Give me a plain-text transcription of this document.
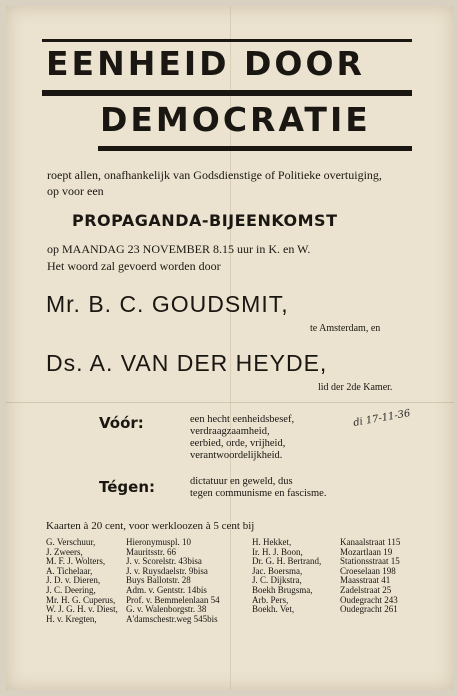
EENHEID DOOR
DEMOCRATIE
roept allen, onafhankelijk van Godsdienstige of Politieke overtuiging,
op voor een
PROPAGANDA-BIJEENKOMST
op MAANDAG 23 NOVEMBER 8.15 uur in K. en W.
Het woord zal gevoerd worden door
Mr. B. C. GOUDSMIT,
te Amsterdam, en
Ds. A. VAN DER HEYDE,
lid der 2de Kamer.
Vóór:	een hecht eenheidsbesef,
verdraagzaamheid,
eerbied, orde, vrijheid,
verantwoordelijkheid.
di 17-11-36
Tégen:	dictatuur en geweld, dus
tegen communisme en fascisme.
Kaarten à 20 cent, voor werkloozen à 5 cent bij
G. Verschuur,
J. Zweers,
M. F. J. Wolters,
A. Tichelaar,
J. D. v. Dieren,
J. C. Deering,
Mr. H. G. Cuperus,
W. J. G. H. v. Diest,
H. v. Kregten,
Hieronymuspl. 10
Mauritsstr. 66
J. v. Scorelstr. 43bisa
J. v. Ruysdaelstr. 9bisa
Buys Ballotstr. 28
Adm. v. Gentstr. 14bis
Prof. v. Bemmelenlaan 54
G. v. Walenborgstr. 38
A'damschestr.weg 545bis
H. Hekket,
Ir. H. J. Boon,
Dr. G. H. Bertrand,
Jac. Boersma,
J. C. Dijkstra,
Boekh Brugsma,
Arb. Pers,
Boekh. Vet,
Kanaalstraat 115
Mozartlaan 19
Stationsstraat 15
Croeselaan 198
Maasstraat 41
Zadelstraat 25
Oudegracht 243
Oudegracht 261
